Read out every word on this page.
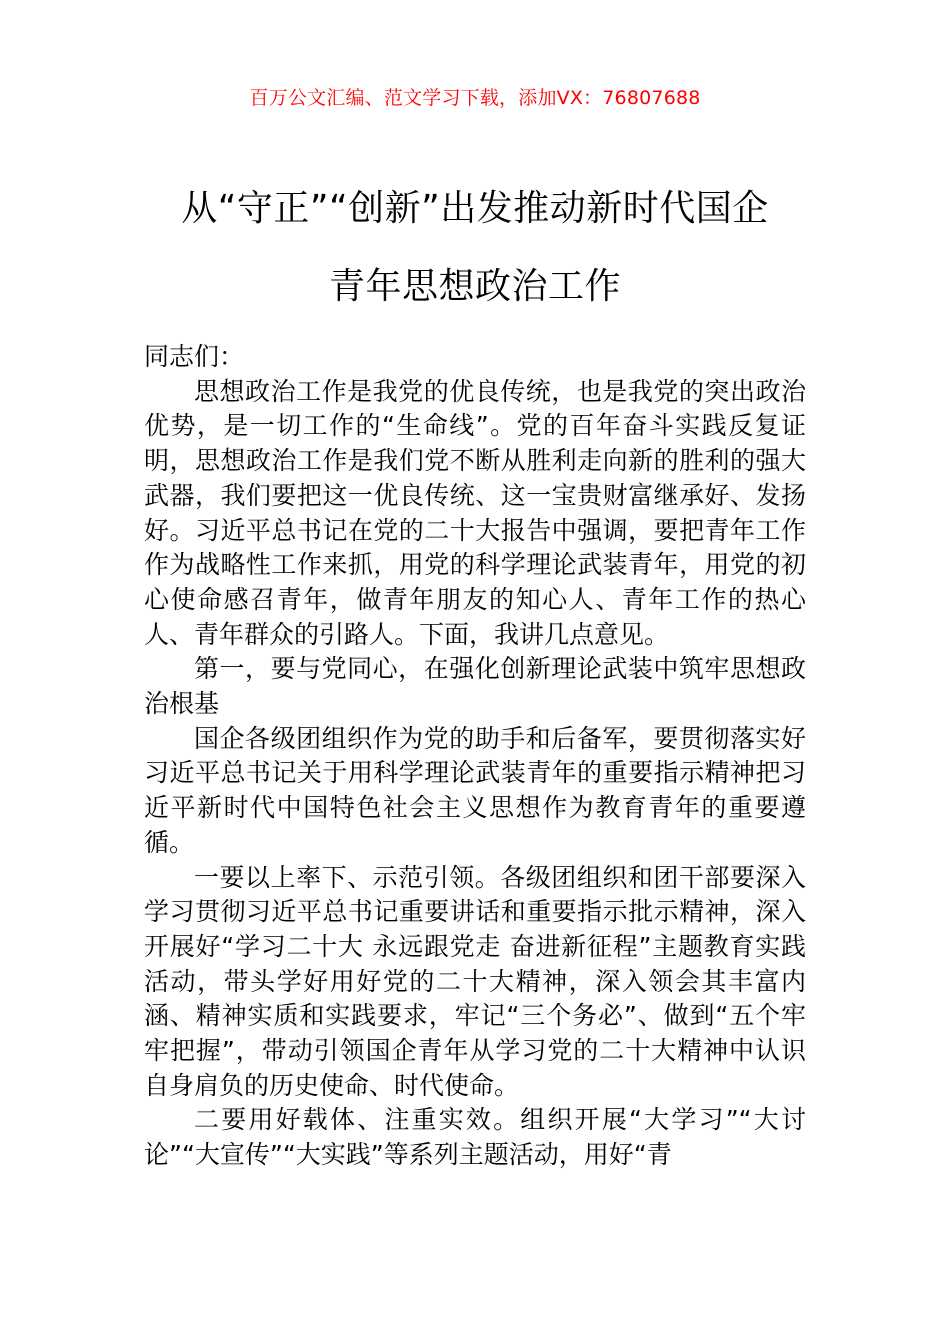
百万公文汇编、范文学习下载，添加VX：76807688
从“守正”“创新”出发推动新时代国企
青年思想政治工作

同志们：

思想政治工作是我党的优良传统，也是我党的突出政治优势，是一切工作的“生命线”。党的百年奋斗实践反复证明，思想政治工作是我们党不断从胜利走向新的胜利的强大武器，我们要把这一优良传统、这一宝贵财富继承好、发扬好。习近平总书记在党的二十大报告中强调，要把青年工作作为战略性工作来抓，用党的科学理论武装青年，用党的初心使命感召青年，做青年朋友的知心人、青年工作的热心人、青年群众的引路人。下面，我讲几点意见。

第一，要与党同心，在强化创新理论武装中筑牢思想政治根基

国企各级团组织作为党的助手和后备军，要贯彻落实好习近平总书记关于用科学理论武装青年的重要指示精神把习近平新时代中国特色社会主义思想作为教育青年的重要遵循。

一要以上率下、示范引领。各级团组织和团干部要深入学习贯彻习近平总书记重要讲话和重要指示批示精神，深入开展好“学习二十大 永远跟党走 奋进新征程”主题教育实践活动，带头学好用好党的二十大精神，深入领会其丰富内涵、精神实质和实践要求，牢记“三个务必”、做到“五个牢牢把握”，带动引领国企青年从学习党的二十大精神中认识自身肩负的历史使命、时代使命。

二要用好载体、注重实效。组织开展“大学习”“大讨论”“大宣传”“大实践”等系列主题活动，用好“青
